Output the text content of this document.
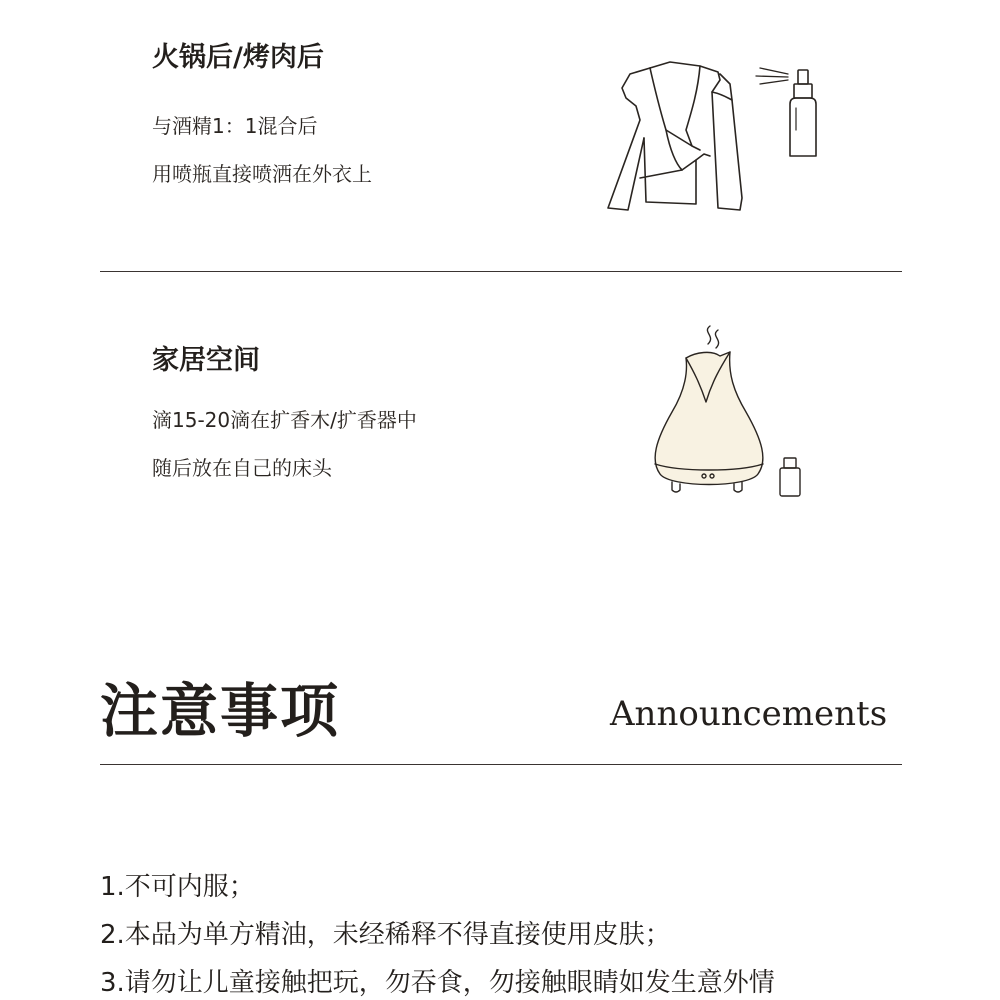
火锅后/烤肉后
与酒精1：1混合后
用喷瓶直接喷洒在外衣上
家居空间
滴15-20滴在扩香木/扩香器中
随后放在自己的床头
注意事项	Announcements
1.不可内服；
2.本品为单方精油，未经稀释不得直接使用皮肤；
3.请勿让儿童接触把玩，勿吞食，勿接触眼睛如发生意外情
